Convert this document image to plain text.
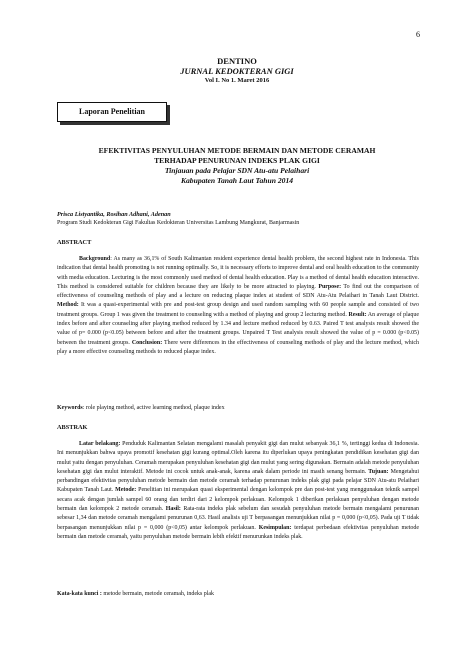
6
DENTINO
JURNAL KEDOKTERAN GIGI
Vol I. No 1. Maret 2016
Laporan Penelitian
EFEKTIVITAS PENYULUHAN METODE BERMAIN DAN METODE CERAMAH
TERHADAP PENURUNAN INDEKS PLAK GIGI
Tinjauan pada Pelajar SDN Atu-atu Pelaihari
Kabupaten Tanah Laut Tahun 2014
Prisca Listyantika, Rosihan Adhani, Adenan
Program Studi Kedokteran Gigi Fakultas Kedokteran Universitas Lambung Mangkurat, Banjarmasin
ABSTRACT
Background: As many as 36,1% of South Kalimantan resident experience dental health problem, the second highest rate in Indonesia. This indication that dental health promoting is not running optimally. So, it is necessary efforts to improve dental and oral health education to the community with media education. Lecturing is the most commonly used method of dental health education. Play is a method of dental health education interactive. This method is considered suitable for children because they are likely to be more attracted to playing. Purpose: To find out the comparison of effectiveness of counseling methods of play and a lecture on reducing plaque index at student of SDN Atu-Atu Pelaihari in Tanah Laut District. Method: It was a quasi-experimental with pre and post-test group design and used random sampling with 60 people sample and consisted of two treatment groups. Group 1 was given the treatment to counseling with a method of playing and group 2 lecturing method. Result: An average of plaque index before and after counseling after playing method reduced by 1.34 and lecture method reduced by 0.63. Paired T test analysis result showed the value of p= 0.000 (p<0.05) between before and after the treatment groups. Unpaired T Test analysis result showed the value of p = 0.000 (p<0.05) between the treatment groups. Conclusion: There were differences in the effectiveness of counseling methods of play and the lecture method, which play a more effective counseling methods to reduced plaque index.
Keywords: role playing method, active learning method, plaque index
ABSTRAK
Latar belakang: Penduduk Kalimantan Selatan mengalami masalah penyakit gigi dan mulut sebanyak 36,1 %, tertinggi kedua di Indonesia. Ini menunjukkan bahwa upaya promotif kesehatan gigi kurang optimal.Oleh karena itu diperlukan upaya peningkatan pendidikan kesehatan gigi dan mulut yaitu dengan penyuluhan. Ceramah merupakan penyuluhan kesehatan gigi dan mulut yang sering digunakan. Bermain adalah metode penyuluhan kesehatan gigi dan mulut interaktif. Metode ini cocok untuk anak-anak, karena anak dalam periode ini masih senang bermain. Tujuan: Mengetahui perbandingan efektivitas penyuluhan metode bermain dan metode ceramah terhadap penurunan indeks plak gigi pada pelajar SDN Atu-atu Pelaihari Kabupaten Tanah Laut. Metode: Penelitian ini merupakan quasi eksperimental dengan kelompok pre dan post-test yang menggunakan teknik sampel secara acak dengan jumlah sampel 60 orang dan terdiri dari 2 kelompok perlakuan. Kelompok 1 diberikan perlakuan penyuluhan dengan metode bermain dan kelompok 2 metode ceramah. Hasil: Rata-rata indeks plak sebelum dan sesudah penyuluhan metode bermain mengalami penurunan sebesar 1,34 dan metode ceramah mengalami penurunan 0,63. Hasil analisis uji T berpasangan menunjukkan nilai p = 0,000 (p<0,05). Pada uji T tidak berpasangan menunjukkan nilai p = 0,000 (p<0,05) antar kelompok perlakuan. Kesimpulan: terdapat perbedaan efektivitas penyuluhan metode bermain dan metode ceramah, yaitu penyuluhan metode bermain lebih efektif menurunkan indeks plak.
Kata-kata kunci : metode bermain, metode ceramah, indeks plak
